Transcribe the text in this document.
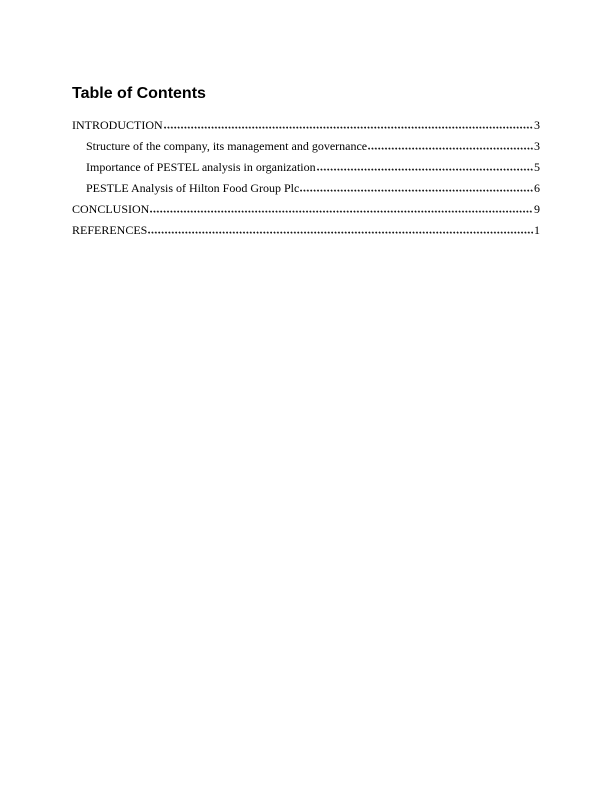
Table of Contents
INTRODUCTION	3
Structure of the company, its management and governance	3
Importance of PESTEL analysis in organization	5
PESTLE Analysis of Hilton Food Group Plc	6
CONCLUSION	9
REFERENCES	1
